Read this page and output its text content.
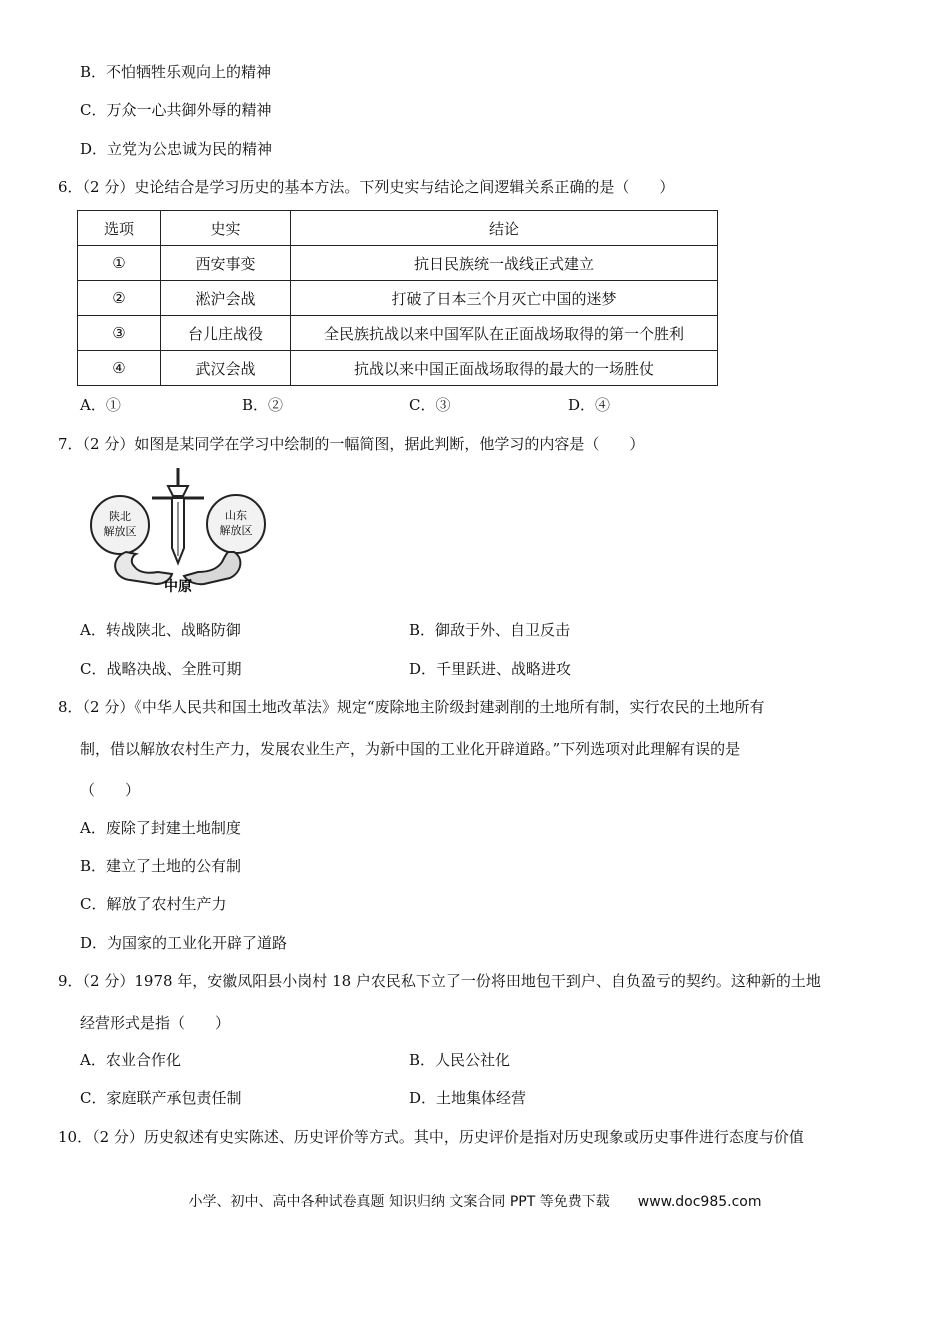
B．不怕牺牲乐观向上的精神
C．万众一心共御外辱的精神
D．立党为公忠诚为民的精神
6．（2 分）史论结合是学习历史的基本方法。下列史实与结论之间逻辑关系正确的是（　　）
选项	史实	结论
①	西安事变	抗日民族统一战线正式建立
②	淞沪会战	打破了日本三个月灭亡中国的迷梦
③	台儿庄战役	全民族抗战以来中国军队在正面战场取得的第一个胜利
④	武汉会战	抗战以来中国正面战场取得的最大的一场胜仗
A．①	B．②	C．③	D．④
7．（2 分）如图是某同学在学习中绘制的一幅简图，据此判断，他学习的内容是（　　）
陕北
解放区
山东
解放区
中原
A．转战陕北、战略防御	B．御敌于外、自卫反击
C．战略决战、全胜可期	D．千里跃进、战略进攻
8．（2 分）《中华人民共和国土地改革法》规定“废除地主阶级封建剥削的土地所有制，实行农民的土地所有
制，借以解放农村生产力，发展农业生产，为新中国的工业化开辟道路。”下列选项对此理解有误的是
（　　）
A．废除了封建土地制度
B．建立了土地的公有制
C．解放了农村生产力
D．为国家的工业化开辟了道路
9．（2 分）1978 年，安徽凤阳县小岗村 18 户农民私下立了一份将田地包干到户、自负盈亏的契约。这种新的土地
经营形式是指（　　）
A．农业合作化	B．人民公社化
C．家庭联产承包责任制	D．土地集体经营
10．（2 分）历史叙述有史实陈述、历史评价等方式。其中，历史评价是指对历史现象或历史事件进行态度与价值
小学、初中、高中各种试卷真题 知识归纳 文案合同 PPT 等免费下载 www.doc985.com
